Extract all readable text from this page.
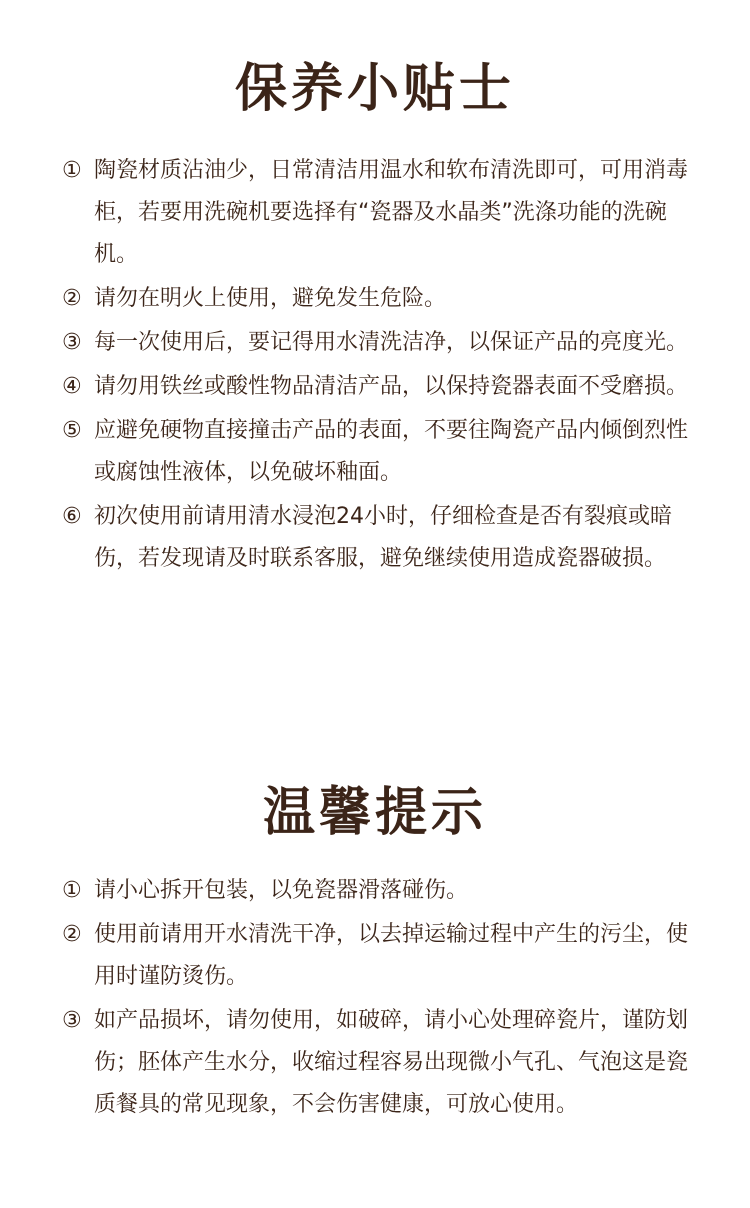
保养小贴士
① 陶瓷材质沾油少，日常清洁用温水和软布清洗即可，可用消毒柜，若要用洗碗机要选择有“瓷器及水晶类”洗涤功能的洗碗机。
② 请勿在明火上使用，避免发生危险。
③ 每一次使用后，要记得用水清洗洁净，以保证产品的亮度光。
④ 请勿用铁丝或酸性物品清洁产品，以保持瓷器表面不受磨损。
⑤ 应避免硬物直接撞击产品的表面，不要往陶瓷产品内倾倒烈性或腐蚀性液体，以免破坏釉面。
⑥ 初次使用前请用清水浸泡24小时，仔细检查是否有裂痕或暗伤，若发现请及时联系客服，避免继续使用造成瓷器破损。
温馨提示
① 请小心拆开包装，以免瓷器滑落碰伤。
② 使用前请用开水清洗干净，以去掉运输过程中产生的污尘，使用时谨防烫伤。
③ 如产品损坏，请勿使用，如破碎，请小心处理碎瓷片，谨防划伤；胚体产生水分，收缩过程容易出现微小气孔、气泡这是瓷质餐具的常见现象，不会伤害健康，可放心使用。
